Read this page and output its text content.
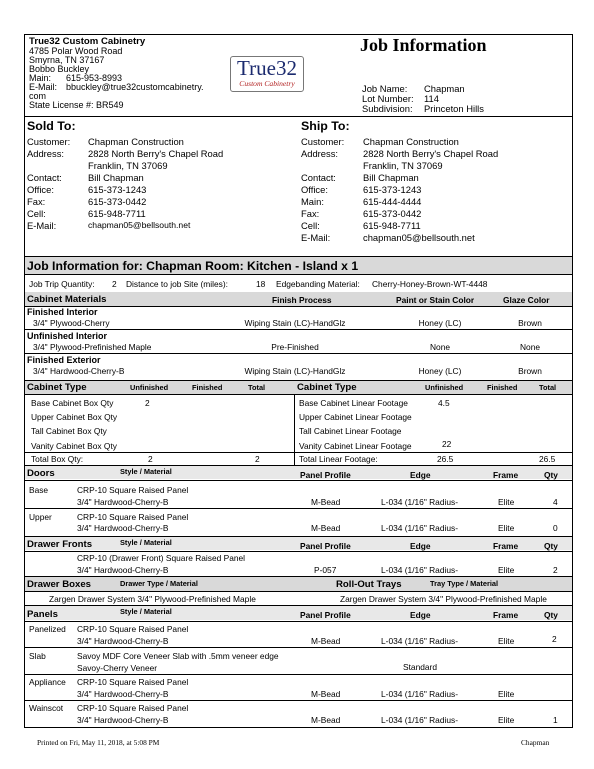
True32 Custom Cabinetry
4785 Polar Wood Road
Smyrna, TN 37167
Bobbo Buckley
Main: 615-953-8993
E-Mail: bbuckley@true32customcabinetry.
com
State License #: BR549
True32
Custom Cabinetry
Job Information
Job Name: Chapman
Lot Number: 114
Subdivision: Princeton Hills
Sold To:	Ship To:
Customer: Chapman Construction
Address:	2828 North Berry's Chapel Road
Franklin, TN 37069
Contact:	Bill Chapman
Office:	615-373-1243
Fax:	615-373-0442
Cell:	615-948-7711
E-Mail:	chapman05@bellsouth.net
Customer: Chapman Construction
Address:	2828 North Berry's Chapel Road
Franklin, TN 37069
Contact:	Bill Chapman
Office:	615-373-1243
Main:	615-444-4444
Fax:	615-373-0442
Cell:	615-948-7711
E-Mail:	chapman05@bellsouth.net
Job Information for: Chapman Room: Kitchen - Island x 1
Job Trip Quantity: 2 Distance to job Site (miles):	18 Edgebanding Material: Cherry-Honey-Brown-WT-4448
Cabinet Materials	Finish Process	Paint or Stain Color	Glaze Color
Finished Interior
3/4" Plywood-Cherry	Wiping Stain (LC)-HandGlz	Honey (LC)	Brown
Unfinished Interior
3/4" Plywood-Prefinished Maple	Pre-Finished	None	None
Finished Exterior
3/4" Hardwood-Cherry-B	Wiping Stain (LC)-HandGlz	Honey (LC)	Brown
Cabinet Type	Unfinished	Finished	Total	Cabinet Type	Unfinished	Finished	Total
Base Cabinet Box Qty	2
Upper Cabinet Box Qty
Tall Cabinet Box Qty
Vanity Cabinet Box Qty
Base Cabinet Linear Footage	4.5
Upper Cabinet Linear Footage
Tall Cabinet Linear Footage
Vanity Cabinet Linear Footage	22
Total Box Qty:	2	2	Total Linear Footage:	26.5	26.5
Doors	Style / Material	Panel Profile	Edge	Frame	Qty
Base	CRP-10 Square Raised Panel
3/4" Hardwood-Cherry-B	M-Bead	L-034 (1/16" Radius-	Elite	4
Upper	CRP-10 Square Raised Panel
3/4" Hardwood-Cherry-B	M-Bead	L-034 (1/16" Radius-	Elite	0
Drawer Fronts	Style / Material	Panel Profile	Edge	Frame	Qty
CRP-10 (Drawer Front) Square Raised Panel
3/4" Hardwood-Cherry-B	P-057	L-034 (1/16" Radius-	Elite	2
Drawer Boxes	Drawer Type / Material	Roll-Out Trays	Tray Type / Material
Zargen Drawer System 3/4" Plywood-Prefinished Maple	Zargen Drawer System 3/4" Plywood-Prefinished Maple
Panels	Style / Material	Panel Profile	Edge	Frame	Qty
Panelized CRP-10 Square Raised Panel
3/4" Hardwood-Cherry-B	M-Bead	L-034 (1/16" Radius-	Elite	2
Slab	Savoy MDF Core Veneer Slab with .5mm veneer edge
Savoy-Cherry Veneer	Standard
Appliance CRP-10 Square Raised Panel
3/4" Hardwood-Cherry-B	M-Bead	L-034 (1/16" Radius-	Elite
Wainscot CRP-10 Square Raised Panel
3/4" Hardwood-Cherry-B	M-Bead	L-034 (1/16" Radius-	Elite	1
Printed on Fri, May 11, 2018, at 5:08 PM	Chapman
